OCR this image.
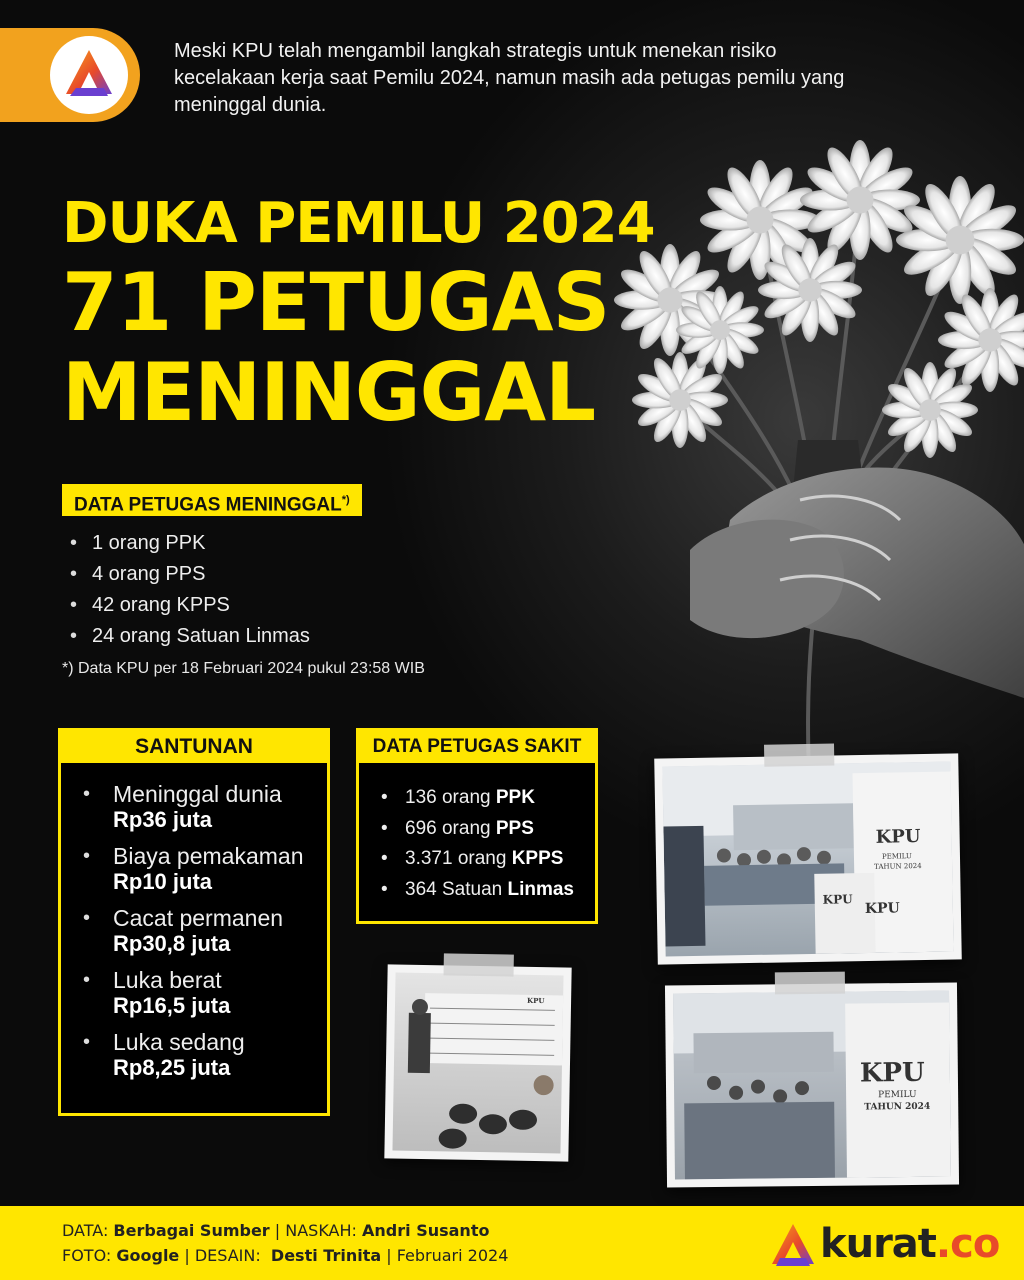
Meski KPU telah mengambil langkah strategis untuk menekan risiko kecelakaan kerja saat Pemilu 2024, namun masih ada petugas pemilu yang meninggal dunia.

DUKA PEMILU 2024
71 PETUGAS
MENINGGAL
DATA PETUGAS MENINGGAL*)
• 1 orang PPK
• 4 orang PPS
• 42 orang KPPS
• 24 orang Satuan Linmas

*) Data KPU per 18 Februari 2024 pukul 23:58 WIB

SANTUNAN
• Meninggal dunia
Rp36 juta
• Biaya pemakaman
Rp10 juta
• Cacat permanen
Rp30,8 juta
• Luka berat
Rp16,5 juta
• Luka sedang
Rp8,25 juta
DATA PETUGAS SAKIT
• 136 orang PPK
• 696 orang PPS
• 3.371 orang KPPS
• 364 Satuan Linmas
KPU
PEMILU
TAHUN 2024
KPU
KPU
KPU
KPU
PEMILU
TAHUN 2024
DATA: Berbagai Sumber | NASKAH: Andri Susanto
FOTO: Google | DESAIN: Desti Trinita | Februari 2024	kurat.co
